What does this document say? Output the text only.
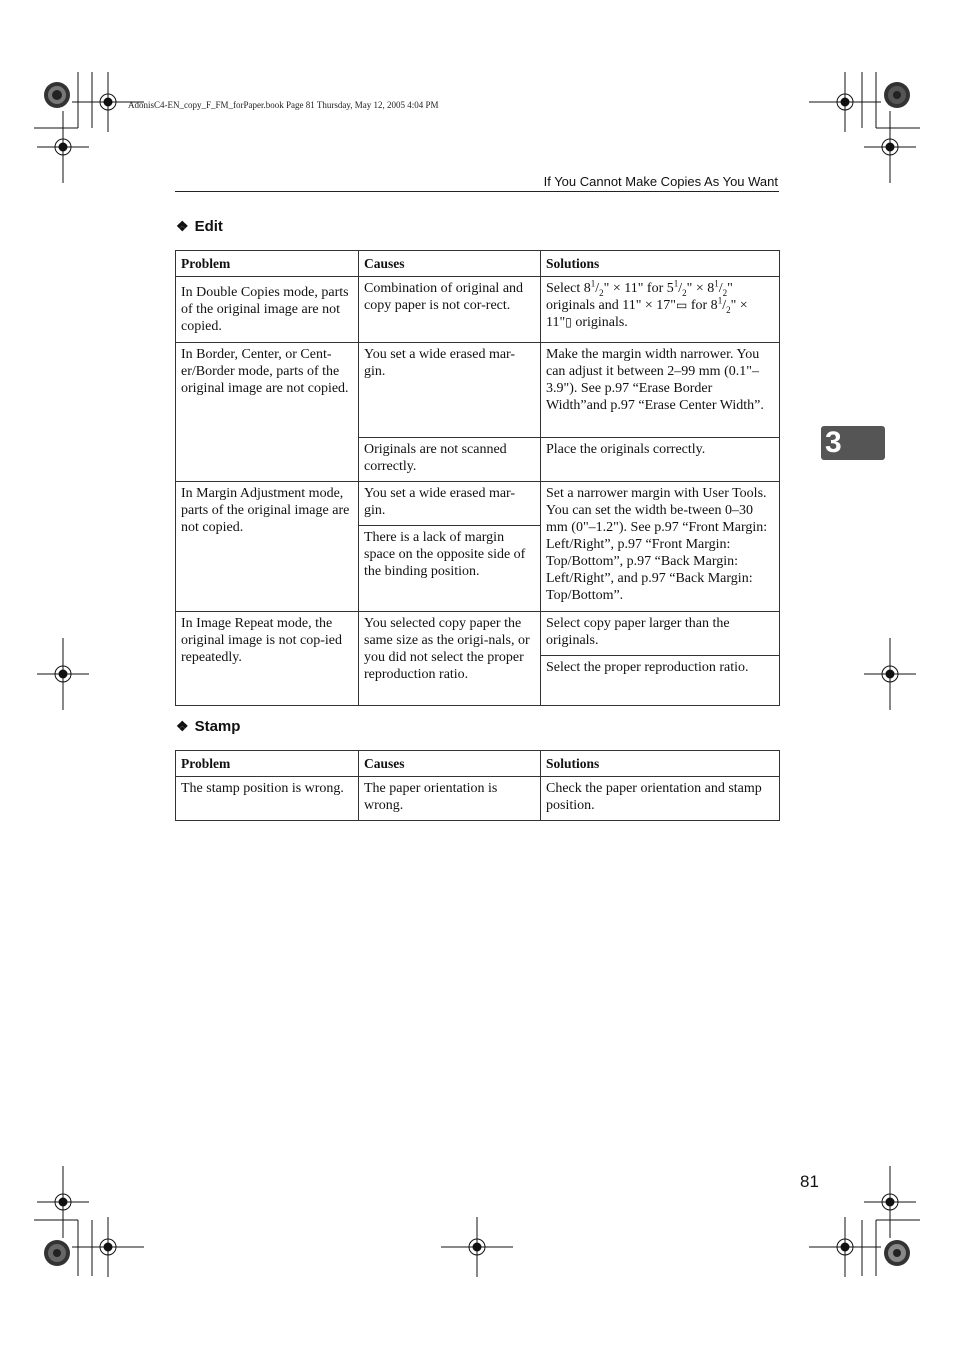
AdonisC4-EN_copy_F_FM_forPaper.book Page 81 Thursday, May 12, 2005 4:04 PM
If You Cannot Make Copies As You Want
3
❖ Edit
Problem	Causes	Solutions
In Double Copies mode, parts of the original image are not copied.	Combination of original and copy paper is not cor-rect.	Select $8^1/_2$" × 11" for $5^1/_2$" × $8^1/_2$" originals and 11" × 17"▭ for $8^1/_2$" × 11"▯ originals.
In Border, Center, or Cent-er/Border mode, parts of the original image are not copied.	You set a wide erased mar-gin.	Make the margin width narrower. You can adjust it between 2–99 mm (0.1"–3.9"). See p.97 “Erase Border Width”and p.97 “Erase Center Width”.
	Originals are not scanned correctly.	Place the originals correctly.
In Margin Adjustment mode, parts of the original image are not copied.	You set a wide erased mar-gin.	Set a narrower margin with User Tools. You can set the width be-tween 0–30 mm (0"–1.2"). See p.97 “Front Margin: Left/Right”, p.97 “Front Margin: Top/Bottom”, p.97 “Back Margin: Left/Right”, and p.97 “Back Margin: Top/Bottom”.
	There is a lack of margin space on the opposite side of the binding position.	
In Image Repeat mode, the original image is not cop-ied repeatedly.	You selected copy paper the same size as the origi-nals, or you did not select the proper reproduction ratio.	Select copy paper larger than the originals.
		Select the proper reproduction ratio.
❖ Stamp
Problem	Causes	Solutions
The stamp position is wrong.	The paper orientation is wrong.	Check the paper orientation and stamp position.
81
